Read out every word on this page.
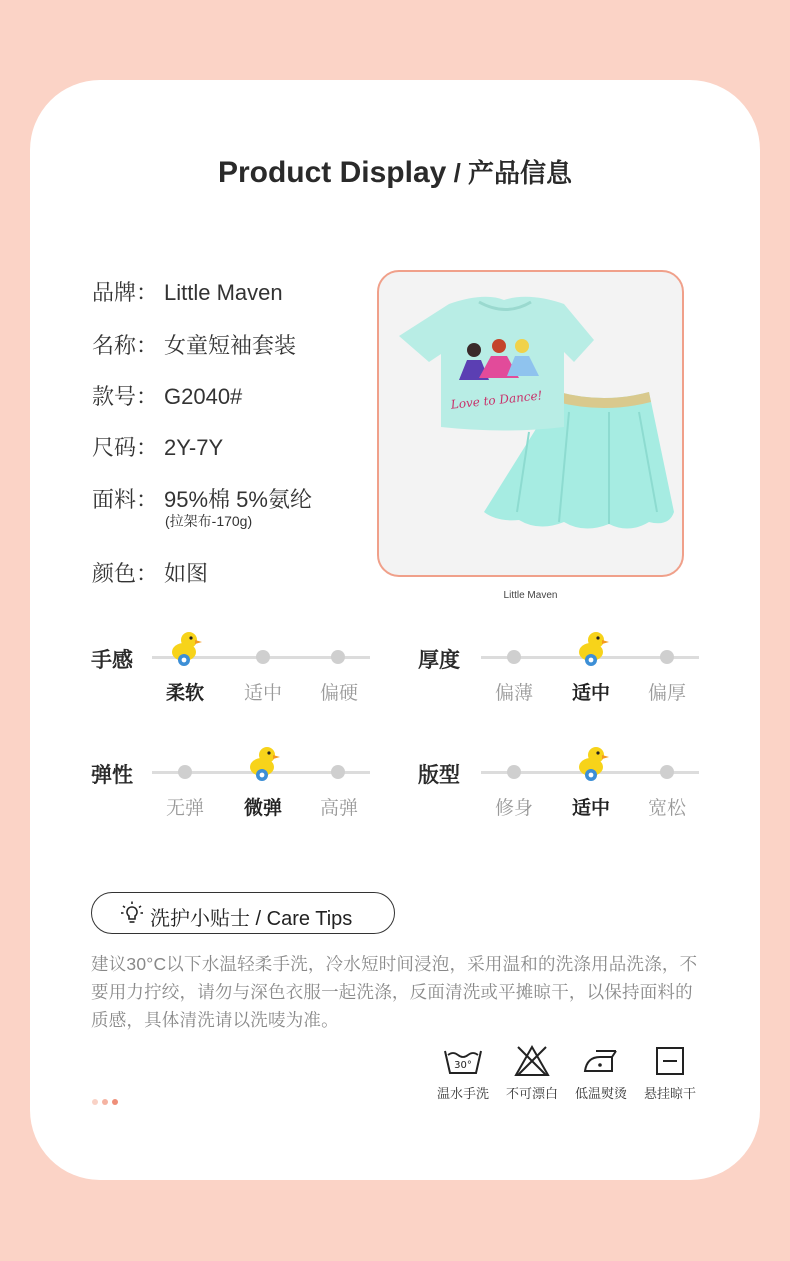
Product Display / 产品信息
品牌： Little Maven
名称： 女童短袖套装
款号： G2040#
尺码： 2Y-7Y
面料： 95%棉 5%氨纶
(拉架布-170g)
颜色： 如图
Love to Dance!
Little Maven
手感
柔软	适中	偏硬
厚度
偏薄	适中	偏厚
弹性
无弹	微弹	高弹
版型
修身	适中	宽松
洗护小贴士 / Care Tips
建议30°C以下水温轻柔手洗，冷水短时间浸泡，采用温和的洗涤用品洗涤，不要用力拧绞，请勿与深色衣服一起洗涤，反面清洗或平摊晾干，以保持面料的质感，具体清洗请以洗唛为准。
30°
温水手洗	不可漂白	低温熨烫	悬挂晾干
